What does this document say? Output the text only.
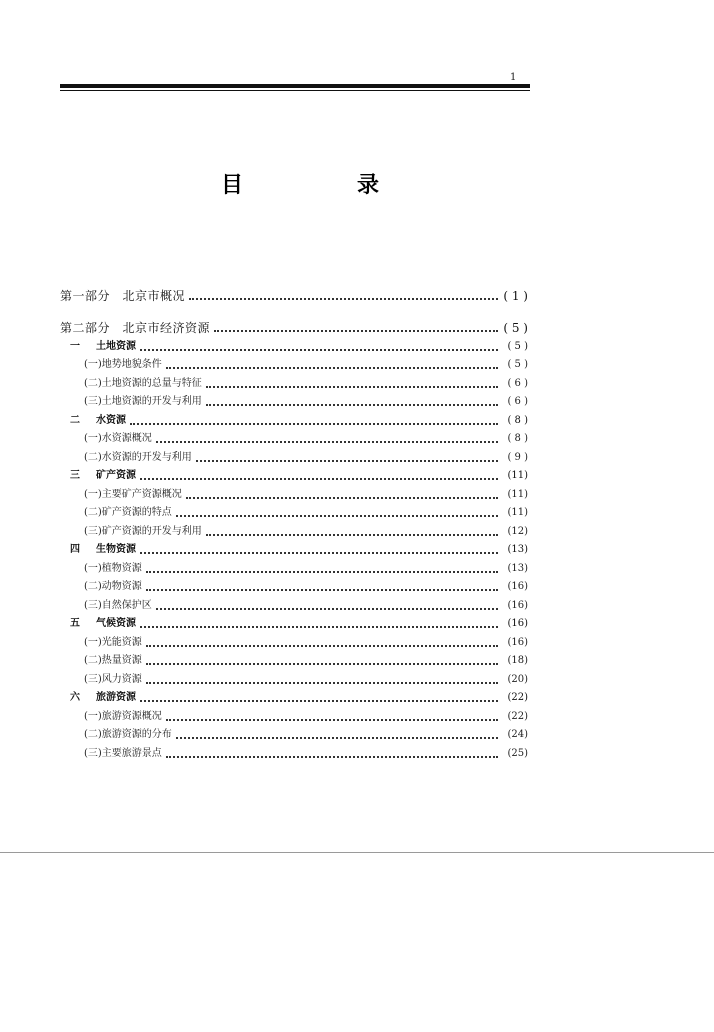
1
目　录
第一部分　北京市概况	( 1 )
第二部分　北京市经济资源	( 5 )
一	土地资源	( 5 )
(一)地势地貌条件	( 5 )
(二)土地资源的总量与特征	( 6 )
(三)土地资源的开发与利用	( 6 )
二	水资源	( 8 )
(一)水资源概况	( 8 )
(二)水资源的开发与利用	( 9 )
三	矿产资源	(11)
(一)主要矿产资源概况	(11)
(二)矿产资源的特点	(11)
(三)矿产资源的开发与利用	(12)
四	生物资源	(13)
(一)植物资源	(13)
(二)动物资源	(16)
(三)自然保护区	(16)
五	气候资源	(16)
(一)光能资源	(16)
(二)热量资源	(18)
(三)风力资源	(20)
六	旅游资源	(22)
(一)旅游资源概况	(22)
(二)旅游资源的分布	(24)
(三)主要旅游景点	(25)
